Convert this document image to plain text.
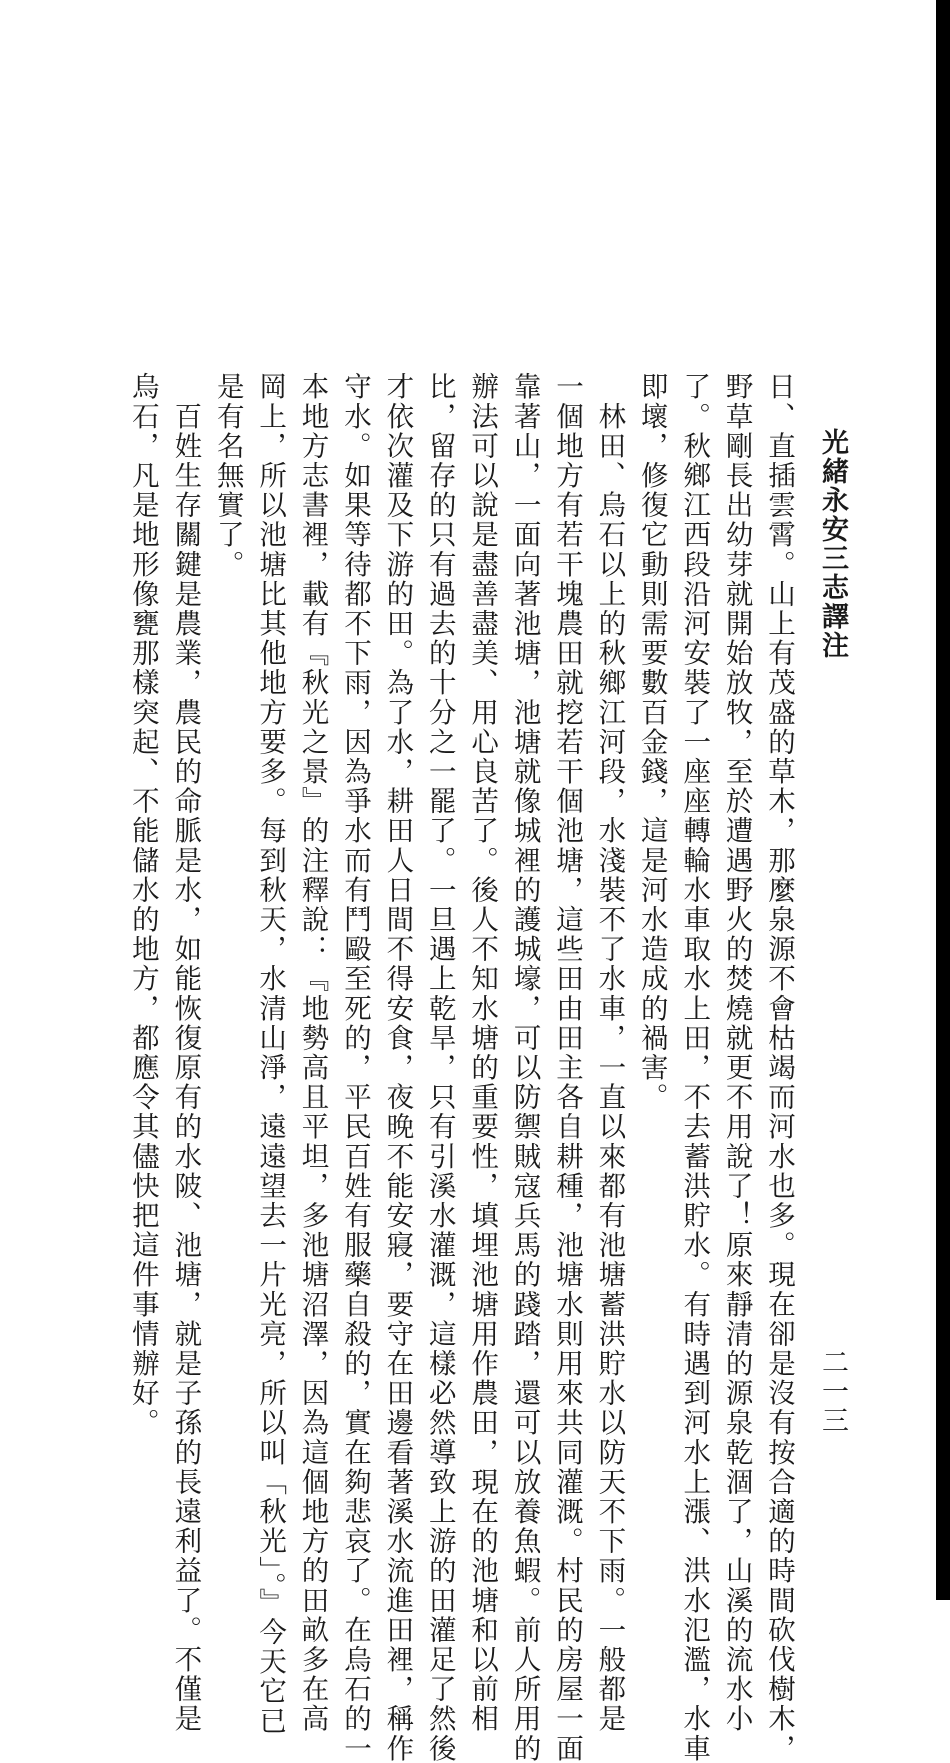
光緒永安三志譯注
二一三
日、直插雲霄。山上有茂盛的草木，那麼泉源不會枯竭而河水也多。現在卻是沒有按合適的時間砍伐樹木，
野草剛長出幼芽就開始放牧，至於遭遇野火的焚燒就更不用說了！原來靜清的源泉乾涸了，山溪的流水小
了。秋鄉江西段沿河安裝了一座座轉輪水車取水上田，不去蓄洪貯水。有時遇到河水上漲、洪水氾濫，水車
即壞，修復它動則需要數百金錢，這是河水造成的禍害。
　林田、烏石以上的秋鄉江河段，水淺裝不了水車，一直以來都有池塘蓄洪貯水以防天不下雨。一般都是
一個地方有若干塊農田就挖若干個池塘，這些田由田主各自耕種，池塘水則用來共同灌溉。村民的房屋一面
靠著山，一面向著池塘，池塘就像城裡的護城壕，可以防禦賊寇兵馬的踐踏，還可以放養魚蝦。前人所用的
辦法可以說是盡善盡美、用心良苦了。後人不知水塘的重要性，填埋池塘用作農田，現在的池塘和以前相
比，留存的只有過去的十分之一罷了。一旦遇上乾旱，只有引溪水灌溉，這樣必然導致上游的田灌足了然後
才依次灌及下游的田。為了水，耕田人日間不得安食，夜晚不能安寢，要守在田邊看著溪水流進田裡，稱作
守水。如果等待都不下雨，因為爭水而有鬥毆至死的，平民百姓有服藥自殺的，實在夠悲哀了。在烏石的一
本地方志書裡，載有『秋光之景』的注釋說：『地勢高且平坦，多池塘沼澤，因為這個地方的田畝多在高
岡上，所以池塘比其他地方要多。每到秋天，水清山淨，遠遠望去一片光亮，所以叫「秋光」。』今天它已
是有名無實了。
　百姓生存關鍵是農業，農民的命脈是水，如能恢復原有的水陂、池塘，就是子孫的長遠利益了。不僅是
烏石，凡是地形像甕那樣突起、不能儲水的地方，都應令其儘快把這件事情辦好。
